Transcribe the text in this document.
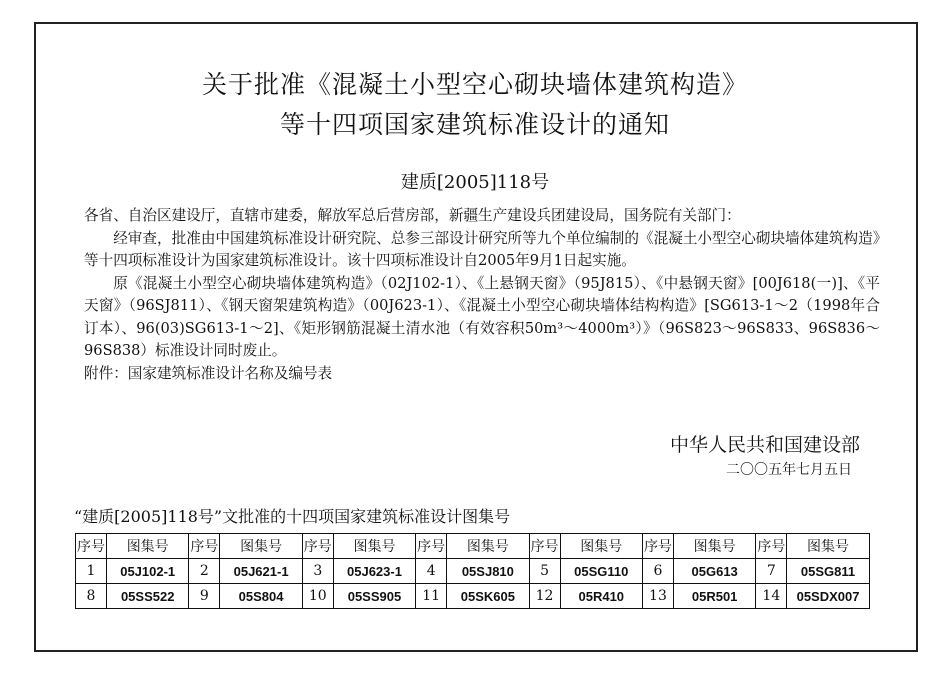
关于批准《混凝土小型空心砌块墙体建筑构造》
等十四项国家建筑标准设计的通知
建质[2005]118号

各省、自治区建设厅，直辖市建委，解放军总后营房部，新疆生产建设兵团建设局，国务院有关部门：

经审查，批准由中国建筑标准设计研究院、总参三部设计研究所等九个单位编制的《混凝土小型空心砌块墙体建筑构造》等十四项标准设计为国家建筑标准设计。该十四项标准设计自2005年9月1日起实施。

原《混凝土小型空心砌块墙体建筑构造》（02J102-1）、《上悬钢天窗》（95J815）、《中悬钢天窗》[00J618(一)]、《平天窗》（96SJ811）、《钢天窗架建筑构造》（00J623-1）、《混凝土小型空心砌块墙体结构构造》[SG613-1～2（1998年合订本）、96(03)SG613-1～2]、《矩形钢筋混凝土清水池（有效容积50m³～4000m³）》（96S823～96S833、96S836～96S838）标准设计同时废止。

附件：国家建筑标准设计名称及编号表

中华人民共和国建设部
二〇〇五年七月五日
“建质[2005]118号”文批准的十四项国家建筑标准设计图集号
序号	图集号	序号	图集号	序号	图集号	序号	图集号	序号	图集号	序号	图集号	序号	图集号
1	05J102-1	2	05J621-1	3	05J623-1	4	05SJ810	5	05SG110	6	05G613	7	05SG811
8	05SS522	9	05S804	10	05SS905	11	05SK605	12	05R410	13	05R501	14	05SDX007
